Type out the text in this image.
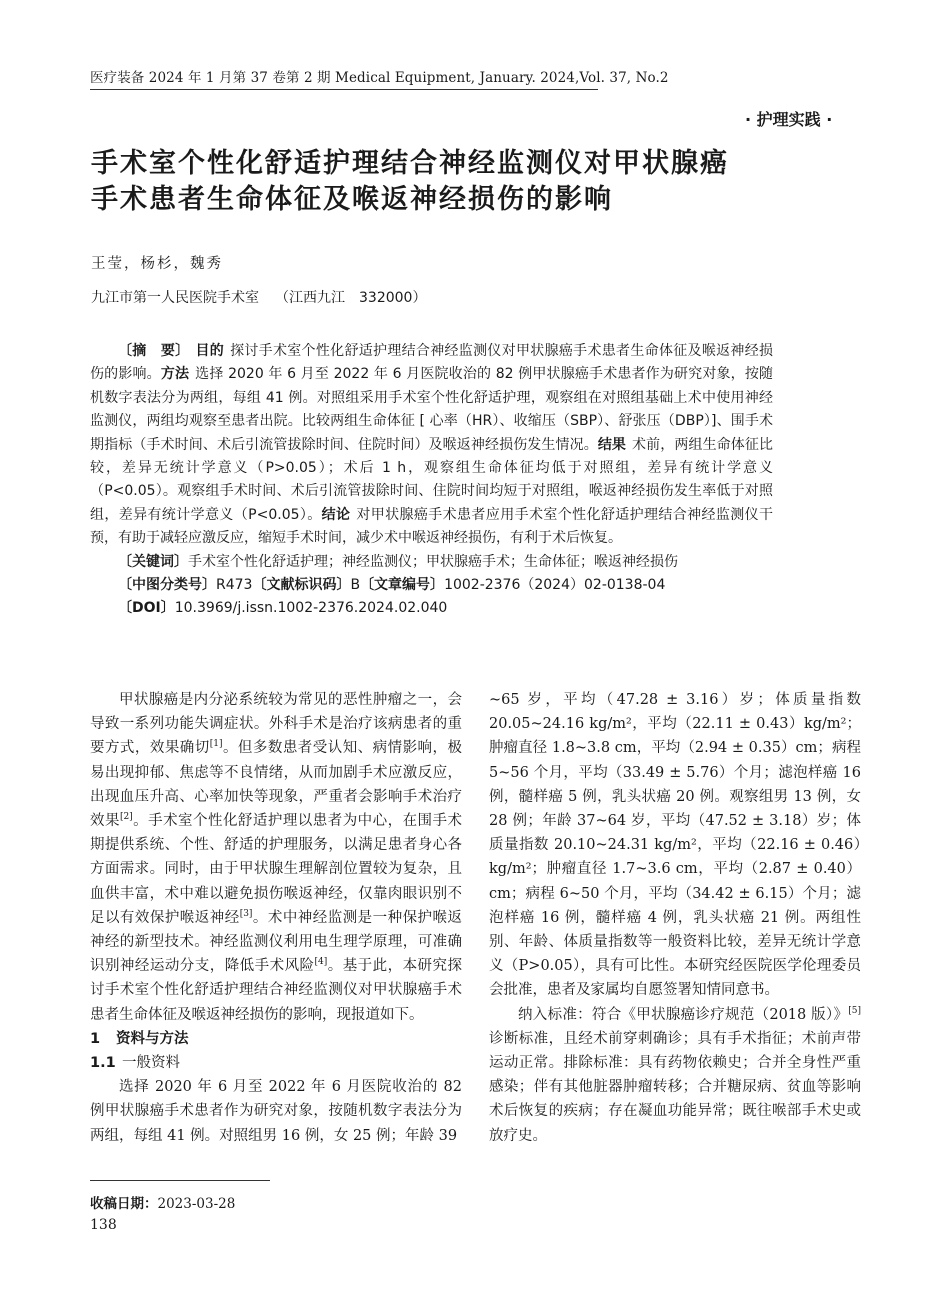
医疗装备 2024 年 1 月第 37 卷第 2 期 Medical Equipment, January. 2024,Vol. 37, No.2
· 护理实践 ·
手术室个性化舒适护理结合神经监测仪对甲状腺癌
手术患者生命体征及喉返神经损伤的影响
王莹，杨杉，魏秀
九江市第一人民医院手术室 （江西九江　332000）

〔摘　要〕 目的 探讨手术室个性化舒适护理结合神经监测仪对甲状腺癌手术患者生命体征及喉返神经损伤的影响。方法 选择 2020 年 6 月至 2022 年 6 月医院收治的 82 例甲状腺癌手术患者作为研究对象，按随机数字表法分为两组，每组 41 例。对照组采用手术室个性化舒适护理，观察组在对照组基础上术中使用神经监测仪，两组均观察至患者出院。比较两组生命体征 [ 心率（HR）、收缩压（SBP）、舒张压（DBP）]、围手术期指标（手术时间、术后引流管拔除时间、住院时间）及喉返神经损伤发生情况。结果 术前，两组生命体征比较，差异无统计学意义（P>0.05）；术后 1 h，观察组生命体征均低于对照组，差异有统计学意义（P<0.05）。观察组手术时间、术后引流管拔除时间、住院时间均短于对照组，喉返神经损伤发生率低于对照组，差异有统计学意义（P<0.05）。结论 对甲状腺癌手术患者应用手术室个性化舒适护理结合神经监测仪干预，有助于减轻应激反应，缩短手术时间，减少术中喉返神经损伤，有利于术后恢复。

〔关键词〕手术室个性化舒适护理；神经监测仪；甲状腺癌手术；生命体征；喉返神经损伤

〔中图分类号〕R473〔文献标识码〕B〔文章编号〕1002-2376（2024）02-0138-04

〔DOI〕10.3969/j.issn.1002-2376.2024.02.040

甲状腺癌是内分泌系统较为常见的恶性肿瘤之一，会导致一系列功能失调症状。外科手术是治疗该病患者的重要方式，效果确切[1]。但多数患者受认知、病情影响，极易出现抑郁、焦虑等不良情绪，从而加剧手术应激反应，出现血压升高、心率加快等现象，严重者会影响手术治疗效果[2]。手术室个性化舒适护理以患者为中心，在围手术期提供系统、个性、舒适的护理服务，以满足患者身心各方面需求。同时，由于甲状腺生理解剖位置较为复杂，且血供丰富，术中难以避免损伤喉返神经，仅靠肉眼识别不足以有效保护喉返神经[3]。术中神经监测是一种保护喉返神经的新型技术。神经监测仪利用电生理学原理，可准确识别神经运动分支，降低手术风险[4]。基于此，本研究探讨手术室个性化舒适护理结合神经监测仪对甲状腺癌手术患者生命体征及喉返神经损伤的影响，现报道如下。

1 资料与方法

1.1 一般资料

选择 2020 年 6 月至 2022 年 6 月医院收治的 82 例甲状腺癌手术患者作为研究对象，按随机数字表法分为两组，每组 41 例。对照组男 16 例，女 25 例；年龄 39

~65 岁，平均（47.28 ± 3.16）岁；体质量指数 20.05~24.16 kg/m²，平均（22.11 ± 0.43）kg/m²；肿瘤直径 1.8~3.8 cm，平均（2.94 ± 0.35）cm；病程 5~56 个月，平均（33.49 ± 5.76）个月；滤泡样癌 16 例，髓样癌 5 例，乳头状癌 20 例。观察组男 13 例，女 28 例；年龄 37~64 岁，平均（47.52 ± 3.18）岁；体质量指数 20.10~24.31 kg/m²，平均（22.16 ± 0.46）kg/m²；肿瘤直径 1.7~3.6 cm，平均（2.87 ± 0.40）cm；病程 6~50 个月，平均（34.42 ± 6.15）个月；滤泡样癌 16 例，髓样癌 4 例，乳头状癌 21 例。两组性别、年龄、体质量指数等一般资料比较，差异无统计学意义（P>0.05），具有可比性。本研究经医院医学伦理委员会批准，患者及家属均自愿签署知情同意书。

纳入标准：符合《甲状腺癌诊疗规范（2018 版）》[5]诊断标准，且经术前穿刺确诊；具有手术指征；术前声带运动正常。排除标准：具有药物依赖史；合并全身性严重感染；伴有其他脏器肿瘤转移；合并糖尿病、贫血等影响术后恢复的疾病；存在凝血功能异常；既往喉部手术史或放疗史。

收稿日期：2023-03-28
138
